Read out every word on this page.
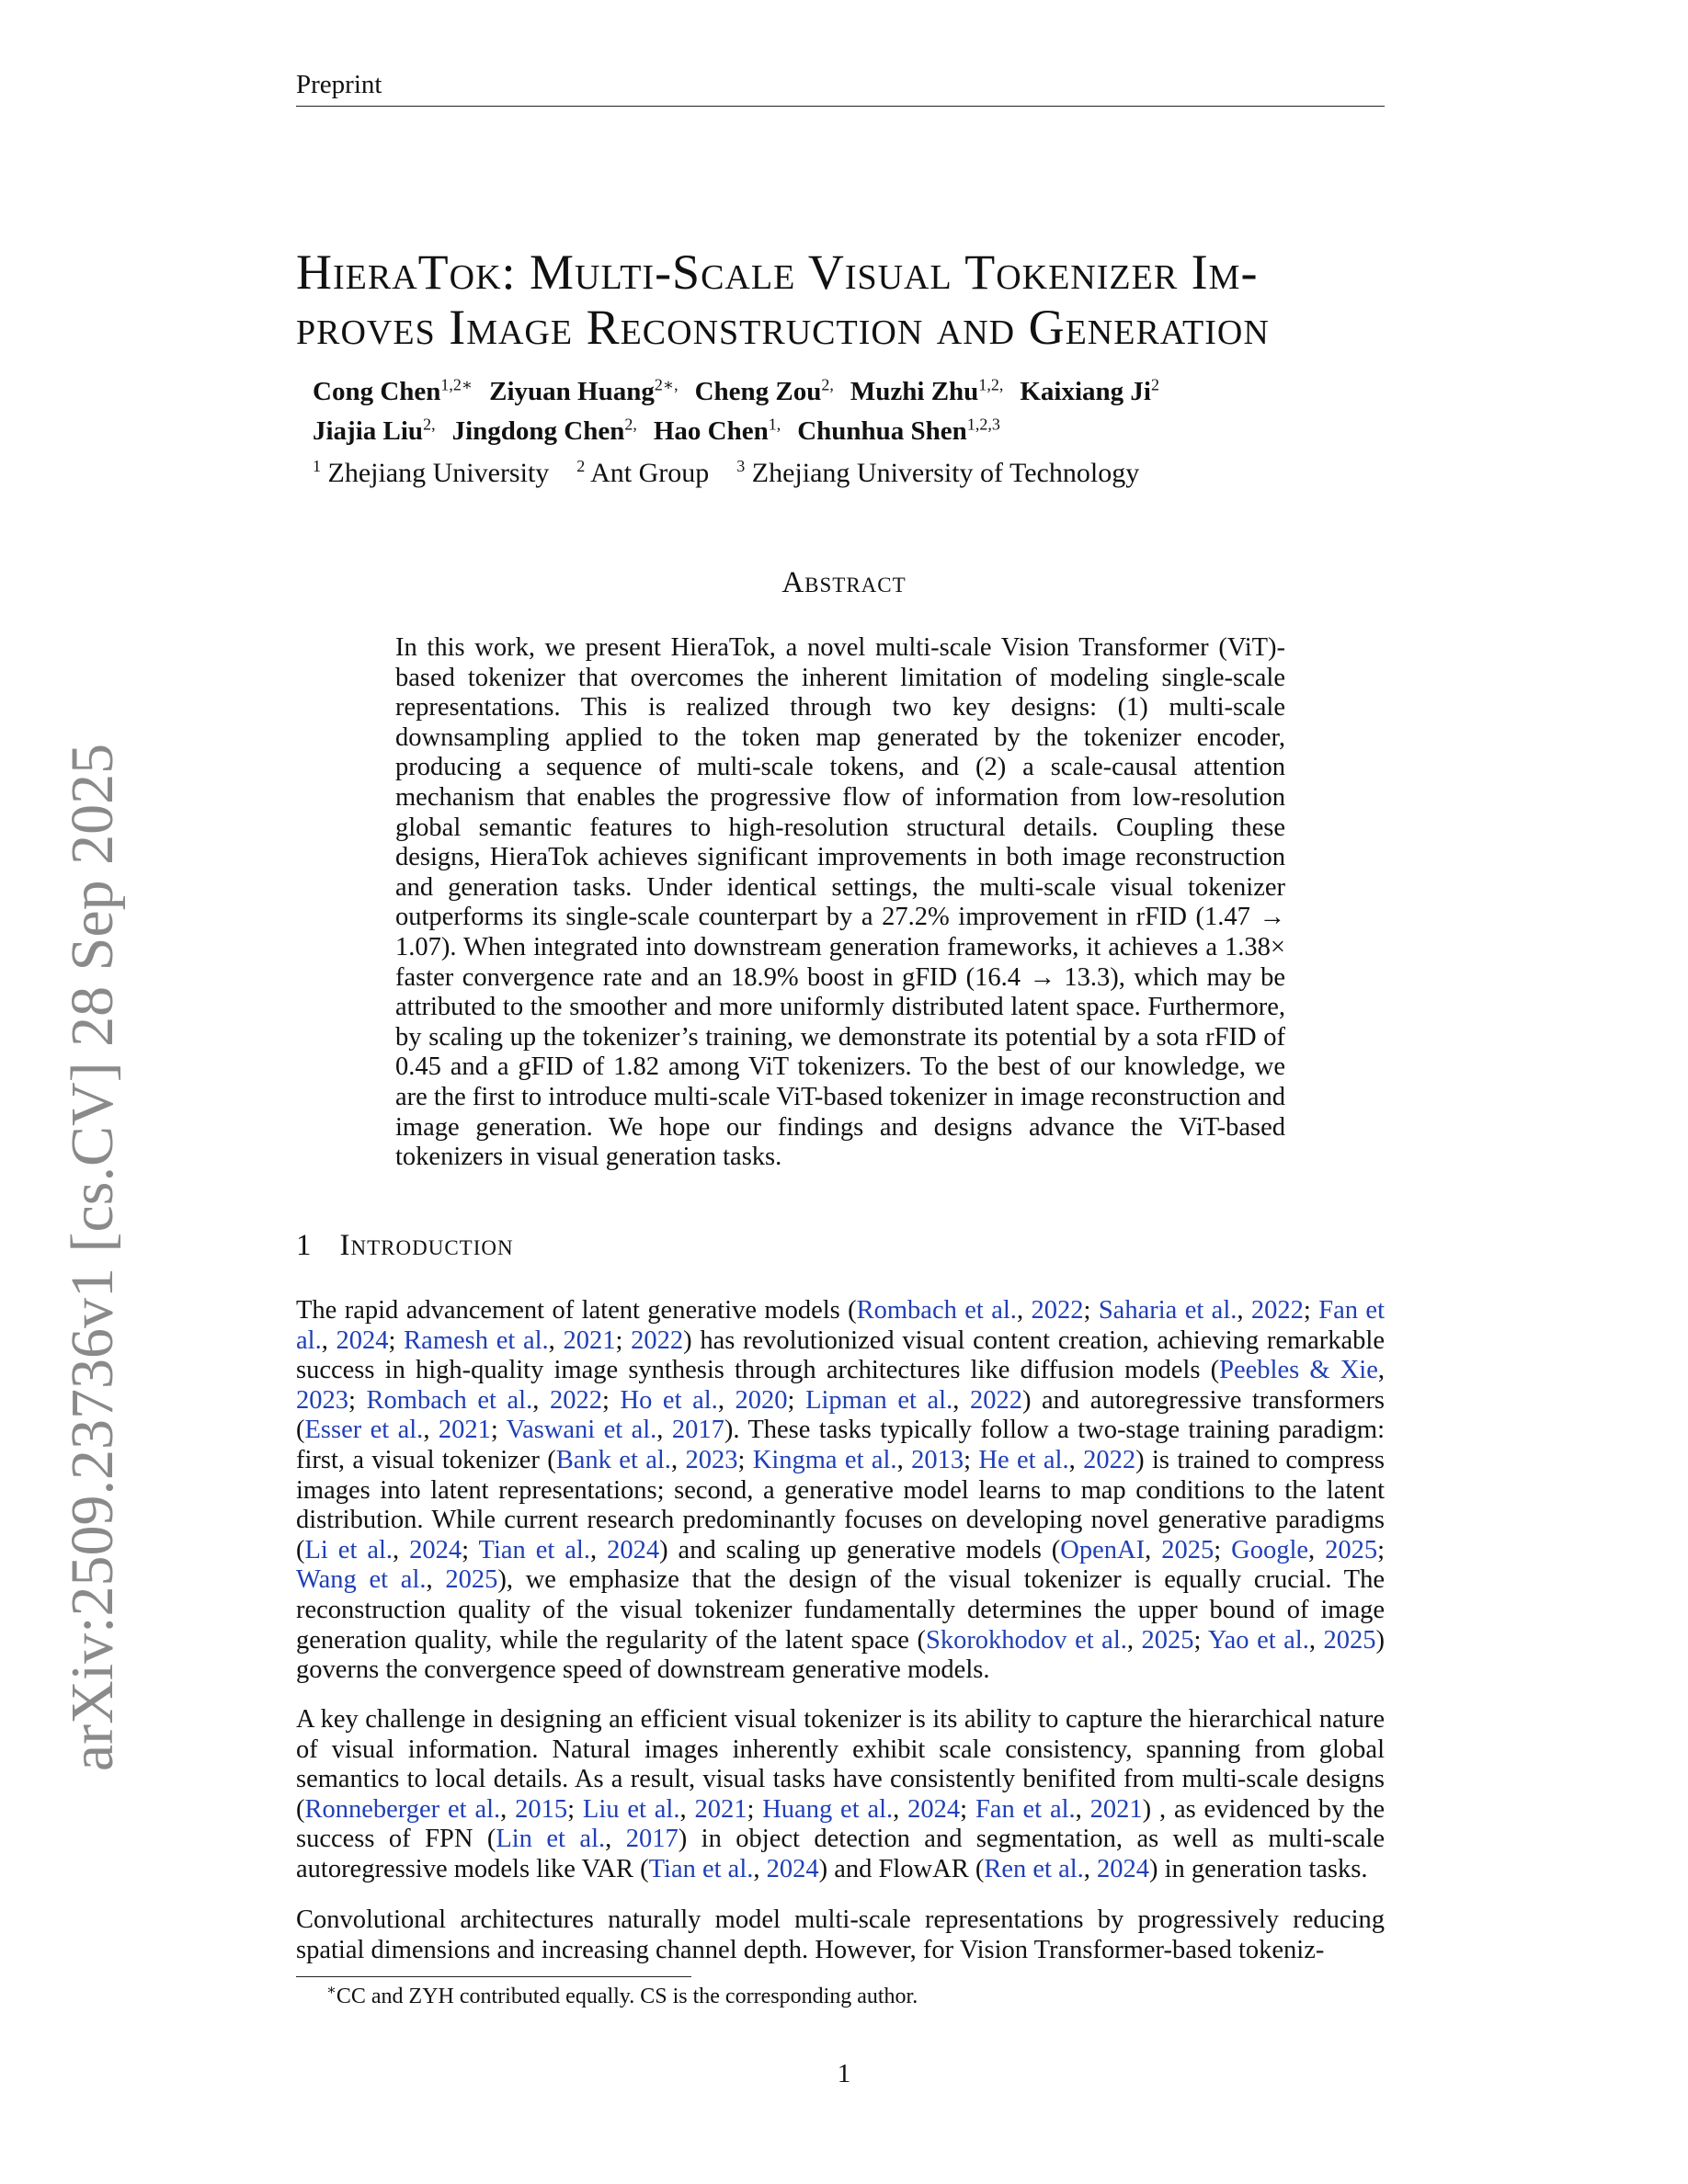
Preprint
arXiv:2509.23736v1 [cs.CV] 28 Sep 2025
HieraTok: Multi-Scale Visual Tokenizer Im-
proves Image Reconstruction and Generation
Cong Chen$^{1,2∗}$ Ziyuan Huang$^{2∗,}$ Cheng Zou$^{2,}$ Muzhi Zhu$^{1,2,}$ Kaixiang Ji$^2$
Jiajia Liu$^{2,}$ Jingdong Chen$^{2,}$ Hao Chen$^{1,}$ Chunhua Shen$^{1,2,3}$
$^1$ Zhejiang University $^2$ Ant Group $^3$ Zhejiang University of Technology
Abstract
In this work, we present HieraTok, a novel multi-scale Vision Transformer (ViT)-based tokenizer that overcomes the inherent limitation of modeling single-scale representations. This is realized through two key designs: (1) multi-scale downsampling applied to the token map generated by the tokenizer encoder, producing a sequence of multi-scale tokens, and (2) a scale-causal attention mechanism that enables the progressive flow of information from low-resolution global semantic features to high-resolution structural details. Coupling these designs, HieraTok achieves significant improvements in both image reconstruction and generation tasks. Under identical settings, the multi-scale visual tokenizer outperforms its single-scale counterpart by a 27.2% improvement in rFID (1.47 → 1.07). When integrated into downstream generation frameworks, it achieves a 1.38× faster convergence rate and an 18.9% boost in gFID (16.4 → 13.3), which may be attributed to the smoother and more uniformly distributed latent space. Furthermore, by scaling up the tokenizer’s training, we demonstrate its potential by a sota rFID of 0.45 and a gFID of 1.82 among ViT tokenizers. To the best of our knowledge, we are the first to introduce multi-scale ViT-based tokenizer in image reconstruction and image generation. We hope our findings and designs advance the ViT-based tokenizers in visual generation tasks.
1 Introduction
The rapid advancement of latent generative models (Rombach et al., 2022; Saharia et al., 2022; Fan et al., 2024; Ramesh et al., 2021; 2022) has revolutionized visual content creation, achieving remarkable success in high-quality image synthesis through architectures like diffusion models (Peebles & Xie, 2023; Rombach et al., 2022; Ho et al., 2020; Lipman et al., 2022) and autoregressive transformers (Esser et al., 2021; Vaswani et al., 2017). These tasks typically follow a two-stage training paradigm: first, a visual tokenizer (Bank et al., 2023; Kingma et al., 2013; He et al., 2022) is trained to compress images into latent representations; second, a generative model learns to map conditions to the latent distribution. While current research predominantly focuses on developing novel generative paradigms (Li et al., 2024; Tian et al., 2024) and scaling up generative models (OpenAI, 2025; Google, 2025; Wang et al., 2025), we emphasize that the design of the visual tokenizer is equally crucial. The reconstruction quality of the visual tokenizer fundamentally determines the upper bound of image generation quality, while the regularity of the latent space (Skorokhodov et al., 2025; Yao et al., 2025) governs the convergence speed of downstream generative models.
A key challenge in designing an efficient visual tokenizer is its ability to capture the hierarchical nature of visual information. Natural images inherently exhibit scale consistency, spanning from global semantics to local details. As a result, visual tasks have consistently benifited from multi-scale designs (Ronneberger et al., 2015; Liu et al., 2021; Huang et al., 2024; Fan et al., 2021) , as evidenced by the success of FPN (Lin et al., 2017) in object detection and segmentation, as well as multi-scale autoregressive models like VAR (Tian et al., 2024) and FlowAR (Ren et al., 2024) in generation tasks.
Convolutional architectures naturally model multi-scale representations by progressively reducing spatial dimensions and increasing channel depth. However, for Vision Transformer-based tokeniz-
∗CC and ZYH contributed equally. CS is the corresponding author.
1
